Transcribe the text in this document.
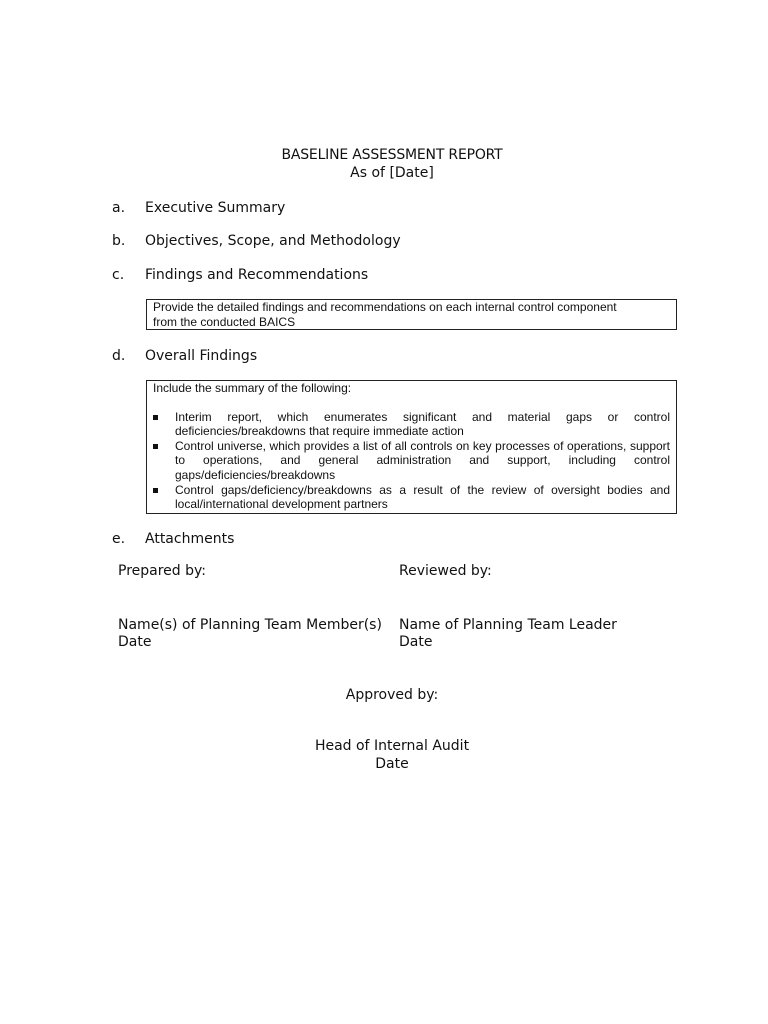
BASELINE ASSESSMENT REPORT
As of [Date]
a. Executive Summary
b. Objectives, Scope, and Methodology
c. Findings and Recommendations
Provide the detailed findings and recommendations on each internal control component
from the conducted BAICS
d. Overall Findings
Include the summary of the following:
Interim report, which enumerates significant and material gaps or control deficiencies/breakdowns that require immediate action
Control universe, which provides a list of all controls on key processes of operations, support to operations, and general administration and support, including control gaps/deficiencies/breakdowns
Control gaps/deficiency/breakdowns as a result of the review of oversight bodies and local/international development partners
e. Attachments
Prepared by:	Reviewed by:
Name(s) of Planning Team Member(s)
Date
Name of Planning Team Leader
Date
Approved by:
Head of Internal Audit
Date
